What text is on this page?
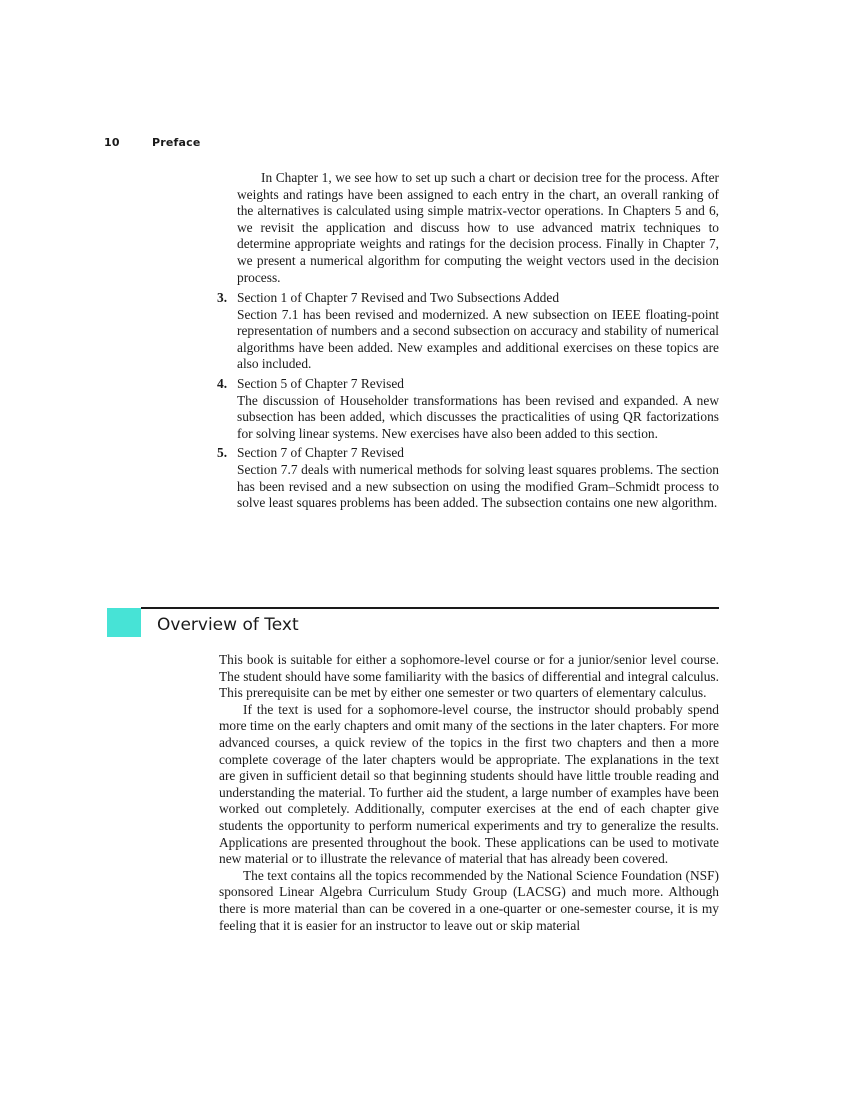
10	Preface

In Chapter 1, we see how to set up such a chart or decision tree for the process. After weights and ratings have been assigned to each entry in the chart, an overall ranking of the alternatives is calculated using simple matrix-vector operations. In Chapters 5 and 6, we revisit the application and discuss how to use advanced matrix techniques to determine appropriate weights and ratings for the decision process. Finally in Chapter 7, we present a numerical algorithm for computing the weight vectors used in the decision process.

3. Section 1 of Chapter 7 Revised and Two Subsections Added
Section 7.1 has been revised and modernized. A new subsection on IEEE floating-point representation of numbers and a second subsection on accuracy and stability of numerical algorithms have been added. New examples and additional exercises on these topics are also included.
4. Section 5 of Chapter 7 Revised
The discussion of Householder transformations has been revised and expanded. A new subsection has been added, which discusses the practicalities of using QR factorizations for solving linear systems. New exercises have also been added to this section.
5. Section 7 of Chapter 7 Revised
Section 7.7 deals with numerical methods for solving least squares problems. The section has been revised and a new subsection on using the modified Gram–Schmidt process to solve least squares problems has been added. The subsection contains one new algorithm.
Overview of Text

This book is suitable for either a sophomore-level course or for a junior/senior level course. The student should have some familiarity with the basics of differential and integral calculus. This prerequisite can be met by either one semester or two quarters of elementary calculus.

If the text is used for a sophomore-level course, the instructor should probably spend more time on the early chapters and omit many of the sections in the later chapters. For more advanced courses, a quick review of the topics in the first two chapters and then a more complete coverage of the later chapters would be appropriate. The explanations in the text are given in sufficient detail so that beginning students should have little trouble reading and understanding the material. To further aid the student, a large number of examples have been worked out completely. Additionally, computer exercises at the end of each chapter give students the opportunity to perform numerical experiments and try to generalize the results. Applications are presented throughout the book. These applications can be used to motivate new material or to illustrate the relevance of material that has already been covered.

The text contains all the topics recommended by the National Science Foundation (NSF) sponsored Linear Algebra Curriculum Study Group (LACSG) and much more. Although there is more material than can be covered in a one-quarter or one-semester course, it is my feeling that it is easier for an instructor to leave out or skip material
